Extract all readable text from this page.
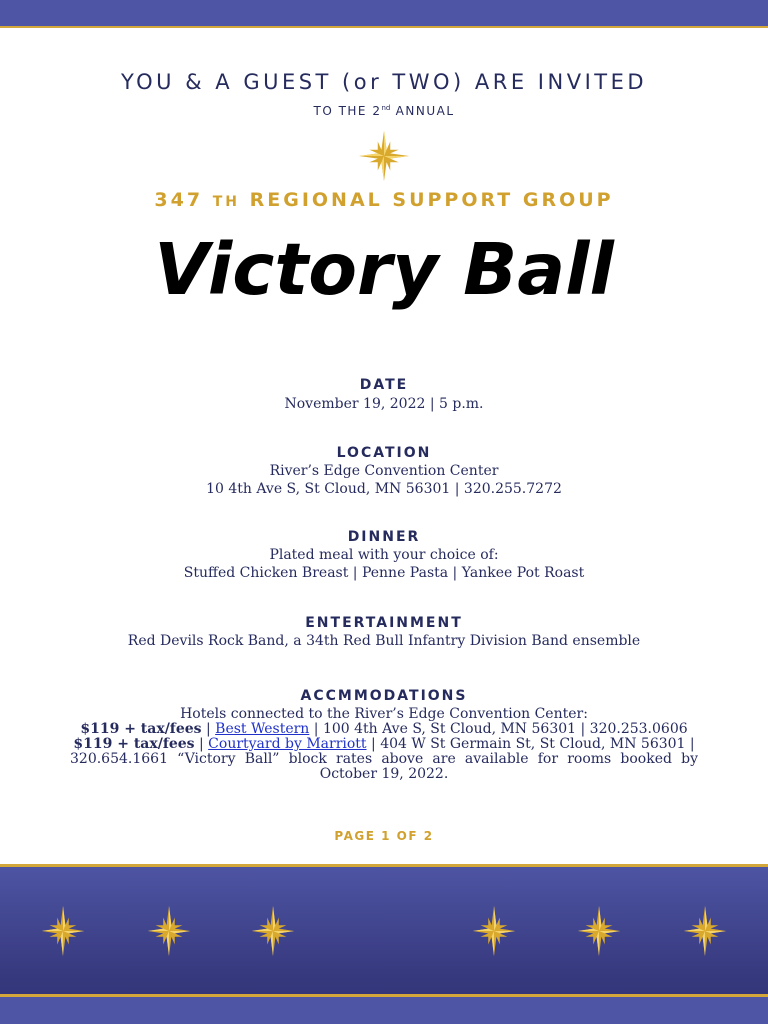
YOU & A GUEST (or TWO) ARE INVITED
TO THE 2nd ANNUAL
347 TH REGIONAL SUPPORT GROUP
Victory Ball
DATE
November 19, 2022 | 5 p.m.
LOCATION
River’s Edge Convention Center
10 4th Ave S, St Cloud, MN 56301 | 320.255.7272
DINNER
Plated meal with your choice of:
Stuffed Chicken Breast | Penne Pasta | Yankee Pot Roast
ENTERTAINMENT
Red Devils Rock Band, a 34th Red Bull Infantry Division Band ensemble
ACCMMODATIONS
Hotels connected to the River’s Edge Convention Center:
$119 + tax/fees | Best Western | 100 4th Ave S, St Cloud, MN 56301 | 320.253.0606
$119 + tax/fees | Courtyard by Marriott | 404 W St Germain St, St Cloud, MN 56301 |
320.654.1661 “Victory Ball” block rates above are available for rooms booked by
October 19, 2022.
PAGE 1 OF 2
